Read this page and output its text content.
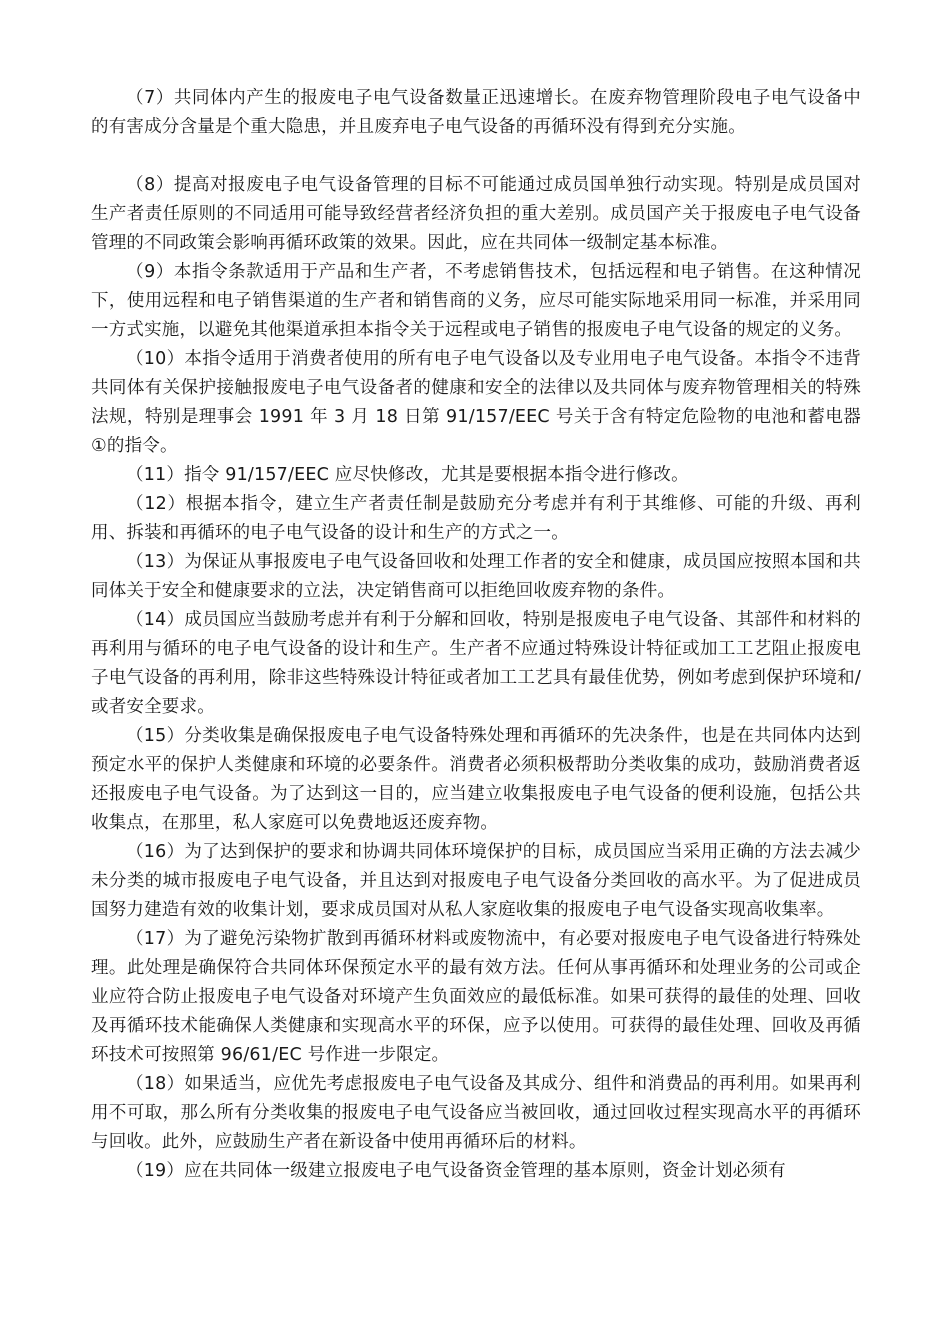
（7）共同体内产生的报废电子电气设备数量正迅速增长。在废弃物管理阶段电子电气设备中的有害成分含量是个重大隐患，并且废弃电子电气设备的再循环没有得到充分实施。

（8）提高对报废电子电气设备管理的目标不可能通过成员国单独行动实现。特别是成员国对生产者责任原则的不同适用可能导致经营者经济负担的重大差别。成员国产关于报废电子电气设备管理的不同政策会影响再循环政策的效果。因此，应在共同体一级制定基本标准。

（9）本指令条款适用于产品和生产者，不考虑销售技术，包括远程和电子销售。在这种情况下，使用远程和电子销售渠道的生产者和销售商的义务，应尽可能实际地采用同一标准，并采用同一方式实施，以避免其他渠道承担本指令关于远程或电子销售的报废电子电气设备的规定的义务。

（10）本指令适用于消费者使用的所有电子电气设备以及专业用电子电气设备。本指令不违背共同体有关保护接触报废电子电气设备者的健康和安全的法律以及共同体与废弃物管理相关的特殊法规，特别是理事会 1991 年 3 月 18 日第 91/157/EEC 号关于含有特定危险物的电池和蓄电器①的指令。

（11）指令 91/157/EEC 应尽快修改，尤其是要根据本指令进行修改。

（12）根据本指令，建立生产者责任制是鼓励充分考虑并有利于其维修、可能的升级、再利用、拆装和再循环的电子电气设备的设计和生产的方式之一。

（13）为保证从事报废电子电气设备回收和处理工作者的安全和健康，成员国应按照本国和共同体关于安全和健康要求的立法，决定销售商可以拒绝回收废弃物的条件。

（14）成员国应当鼓励考虑并有利于分解和回收，特别是报废电子电气设备、其部件和材料的再利用与循环的电子电气设备的设计和生产。生产者不应通过特殊设计特征或加工工艺阻止报废电子电气设备的再利用，除非这些特殊设计特征或者加工工艺具有最佳优势，例如考虑到保护环境和/或者安全要求。

（15）分类收集是确保报废电子电气设备特殊处理和再循环的先决条件，也是在共同体内达到预定水平的保护人类健康和环境的必要条件。消费者必须积极帮助分类收集的成功，鼓励消费者返还报废电子电气设备。为了达到这一目的，应当建立收集报废电子电气设备的便利设施，包括公共收集点，在那里，私人家庭可以免费地返还废弃物。

（16）为了达到保护的要求和协调共同体环境保护的目标，成员国应当采用正确的方法去减少未分类的城市报废电子电气设备，并且达到对报废电子电气设备分类回收的高水平。为了促进成员国努力建造有效的收集计划，要求成员国对从私人家庭收集的报废电子电气设备实现高收集率。

（17）为了避免污染物扩散到再循环材料或废物流中，有必要对报废电子电气设备进行特殊处理。此处理是确保符合共同体环保预定水平的最有效方法。任何从事再循环和处理业务的公司或企业应符合防止报废电子电气设备对环境产生负面效应的最低标准。如果可获得的最佳的处理、回收及再循环技术能确保人类健康和实现高水平的环保，应予以使用。可获得的最佳处理、回收及再循环技术可按照第 96/61/EC 号作进一步限定。

（18）如果适当，应优先考虑报废电子电气设备及其成分、组件和消费品的再利用。如果再利用不可取，那么所有分类收集的报废电子电气设备应当被回收，通过回收过程实现高水平的再循环与回收。此外，应鼓励生产者在新设备中使用再循环后的材料。

（19）应在共同体一级建立报废电子电气设备资金管理的基本原则，资金计划必须有
